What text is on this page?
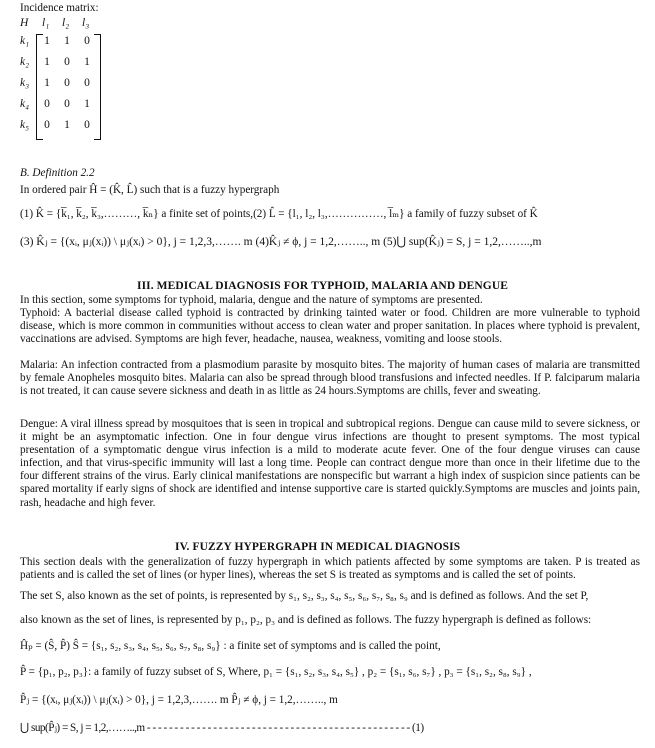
Incidence matrix:
H l₁ l₂ l₃
k₁	1	1	0
k₂	1	0	1
k₃	1	0	0
k₄	0	0	1
k₅	0	1	0
B. Definition 2.2
In ordered pair Ĥ = (K̂, L̂) such that is a fuzzy hypergraph
(1) K̂ = {k̅₁, k̅₂, k̅₃,………, k̅ₙ} a finite set of points,(2) L̂ = {l₁, l₂, l₃,……………, l̅ₘ} a family of fuzzy subset of K̂
(3) K̂ⱼ = {(xᵢ, μⱼ(xᵢ)) \ μⱼ(xᵢ) > 0}, j = 1,2,3,……. m (4)K̂ⱼ ≠ ϕ, j = 1,2,…….., m (5)⋃ sup(K̂ⱼ) = S, j = 1,2,……..,m
III. MEDICAL DIAGNOSIS FOR TYPHOID, MALARIA AND DENGUE
In this section, some symptoms for typhoid, malaria, dengue and the nature of symptoms are presented.
Typhoid: A bacterial disease called typhoid is contracted by drinking tainted water or food. Children are more vulnerable to typhoid disease, which is more common in communities without access to clean water and proper sanitation. In places where typhoid is prevalent, vaccinations are advised. Symptoms are high fever, headache, nausea, weakness, vomiting and loose stools.
Malaria: An infection contracted from a plasmodium parasite by mosquito bites. The majority of human cases of malaria are transmitted by female Anopheles mosquito bites. Malaria can also be spread through blood transfusions and infected needles. If P. falciparum malaria is not treated, it can cause severe sickness and death in as little as 24 hours.Symptoms are chills, fever and sweating.
Dengue: A viral illness spread by mosquitoes that is seen in tropical and subtropical regions. Dengue can cause mild to severe sickness, or it might be an asymptomatic infection. One in four dengue virus infections are thought to present symptoms. The most typical presentation of a symptomatic dengue virus infection is a mild to moderate acute fever. One of the four dengue viruses can cause infection, and that virus-specific immunity will last a long time. People can contract dengue more than once in their lifetime due to the four different strains of the virus. Early clinical manifestations are nonspecific but warrant a high index of suspicion since patients can be spared mortality if early signs of shock are identified and intense supportive care is started quickly.Symptoms are muscles and joints pain, rash, headache and high fever.
IV. FUZZY HYPERGRAPH IN MEDICAL DIAGNOSIS
This section deals with the generalization of fuzzy hypergraph in which patients affected by some symptoms are taken. P is treated as patients and is called the set of lines (or hyper lines), whereas the set S is treated as symptoms and is called the set of points.
The set S, also known as the set of points, is represented by s₁, s₂, s₃, s₄, s₅, s₆, s₇, s₈, s₉ and is defined as follows. And the set P,
also known as the set of lines, is represented by p₁, p₂, p₃ and is defined as follows. The fuzzy hypergraph is defined as follows:
Ĥₚ = (Ŝ, P̂) Ŝ = {s₁, s₂, s₃, s₄, s₅, s₆, s₇, s₈, s₉} : a finite set of symptoms and is called the point,
P̂ = {p₁, p₂, p₃}: a family of fuzzy subset of S, Where, p₁ = {s₁, s₂, s₃, s₄, s₅} , p₂ = {s₁, s₆, s₇} , p₃ = {s₁, s₂, s₈, s₉} ,
P̂ⱼ = {(xᵢ, μⱼ(xᵢ)) \ μⱼ(xᵢ) > 0}, j = 1,2,3,……. m P̂ⱼ ≠ ϕ, j = 1,2,…….., m
⋃ sup(P̂ⱼ) = S, j = 1,2,……..,m - - - - - - - - - - - - - - - - - - - - - - - - - - - - - - - - - - - - - - - - - - - - - - - - (1)
